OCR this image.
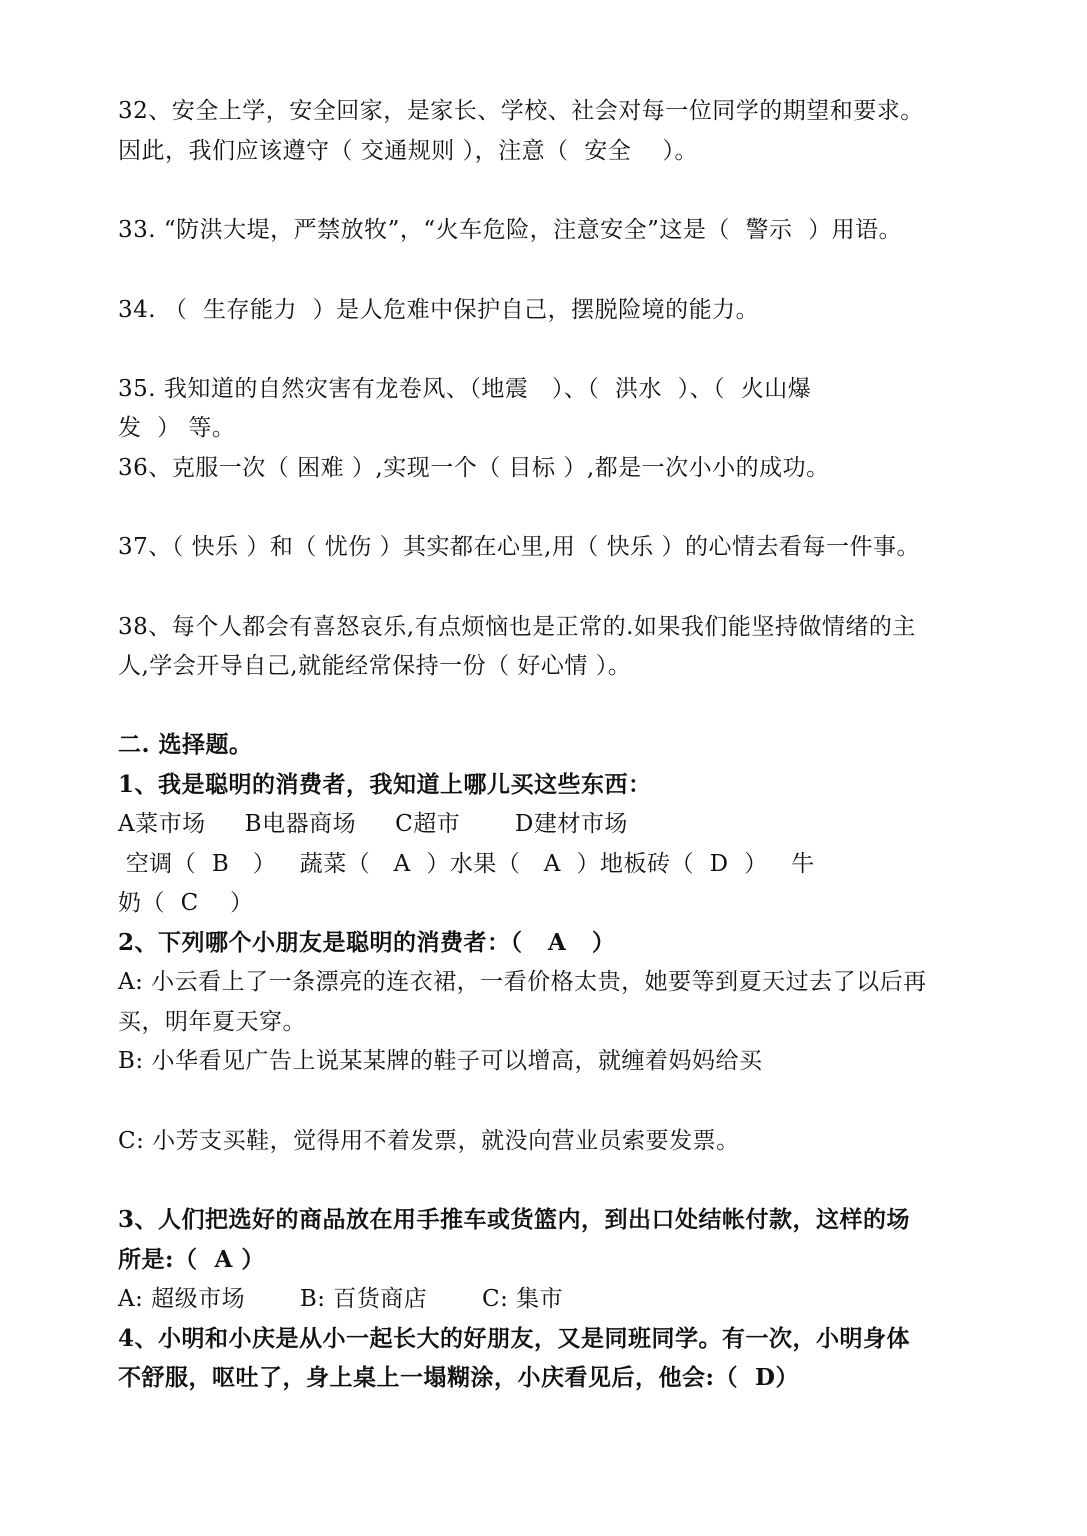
32、安全上学，安全回家，是家长、学校、社会对每一位同学的期望和要求。
因此，我们应该遵守（ 交通规则 ），注意（  安全    ）。
33. “防洪大堤，严禁放牧”，“火车危险，注意安全”这是（  警示  ）用语。
34. （  生存能力  ）是人危难中保护自己，摆脱险境的能力。
35. 我知道的自然灾害有龙卷风、（地震   ）、（  洪水  ）、（  火山爆
发  ） 等。
36、克服一次（ 困难 ）,实现一个（ 目标 ）,都是一次小小的成功。
37、（ 快乐 ）和（ 忧伤 ）其实都在心里,用（ 快乐 ）的心情去看每一件事。
38、每个人都会有喜怒哀乐,有点烦恼也是正常的.如果我们能坚持做情绪的主
人,学会开导自己,就能经常保持一份（ 好心情 ）。
二. 选择题。
1、我是聪明的消费者，我知道上哪儿买这些东西：
A菜市场     B电器商场     C超市       D建材市场
空调（  B   ）   蔬菜（   A  ）水果（   A  ）地板砖（  D  ）   牛
奶（  C    ）
2、下列哪个小朋友是聪明的消费者：（   A   ）
A: 小云看上了一条漂亮的连衣裙，一看价格太贵，她要等到夏天过去了以后再
买，明年夏天穿。
B: 小华看见广告上说某某牌的鞋子可以增高，就缠着妈妈给买
C: 小芳支买鞋，觉得用不着发票，就没向营业员索要发票。
3、人们把选好的商品放在用手推车或货篮内，到出口处结帐付款，这样的场
所是:（  A ）
A: 超级市场       B: 百货商店       C: 集市
4、小明和小庆是从小一起长大的好朋友，又是同班同学。有一次，小明身体
不舒服，呕吐了，身上桌上一塌糊涂，小庆看见后，他会:（  D）
